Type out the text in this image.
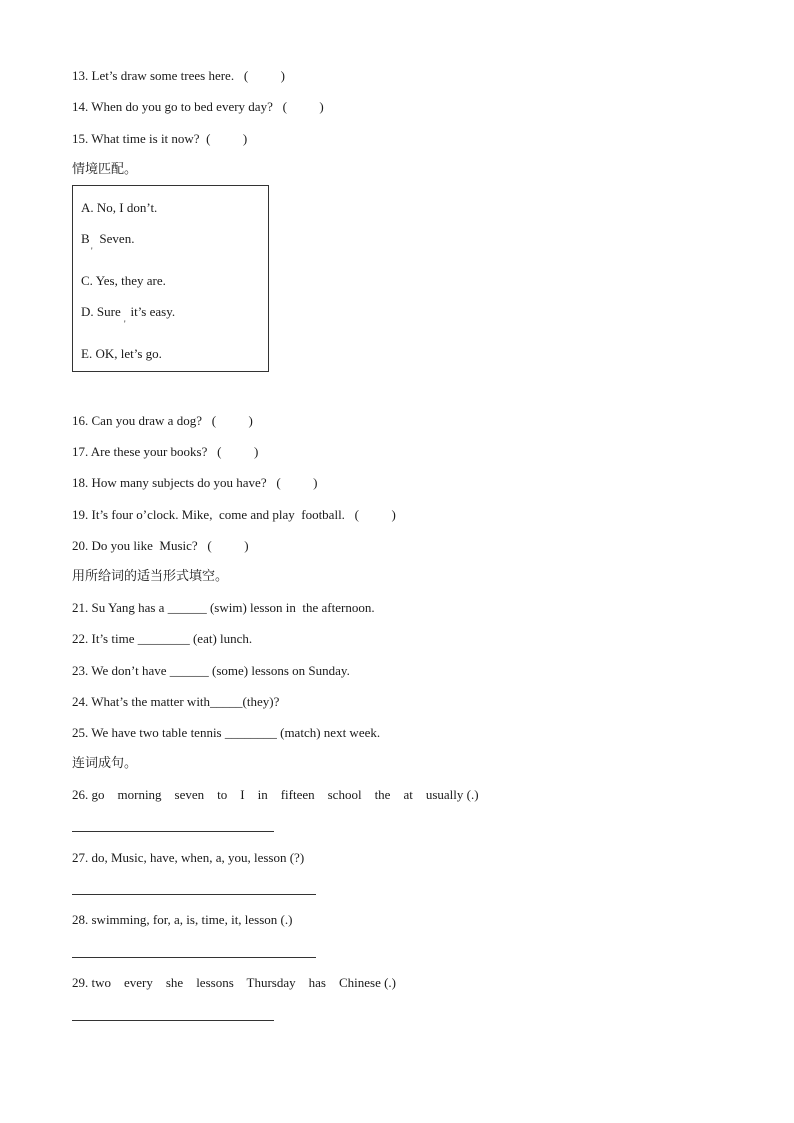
13. Let’s draw some trees here.   (          )
14. When do you go to bed every day?   (          )
15. What time is it now?  (          )
情境匹配。
A. No, I don’t.
B   Seven.
'
C. Yes, they are.
D. Sure   it’s easy.
'
E. OK, let’s go.
16. Can you draw a dog?   (          )
17. Are these your books?   (          )
18. How many subjects do you have?   (          )
19. It’s four o’clock. Mike,  come and play  football.   (          )
20. Do you like  Music?   (          )
用所给词的适当形式填空。
21. Su Yang has a ______ (swim) lesson in  the afternoon.
22. It’s time ________ (eat) lunch.
23. We don’t have ______ (some) lessons on Sunday.
24. What’s the matter with_____(they)?
25. We have two table tennis ________ (match) next week.
连词成句。
26. go    morning    seven    to    I    in    fifteen    school    the    at    usually (.)
27. do, Music, have, when, a, you, lesson (?)
28. swimming, for, a, is, time, it, lesson (.)
29. two    every    she    lessons    Thursday    has    Chinese (.)
